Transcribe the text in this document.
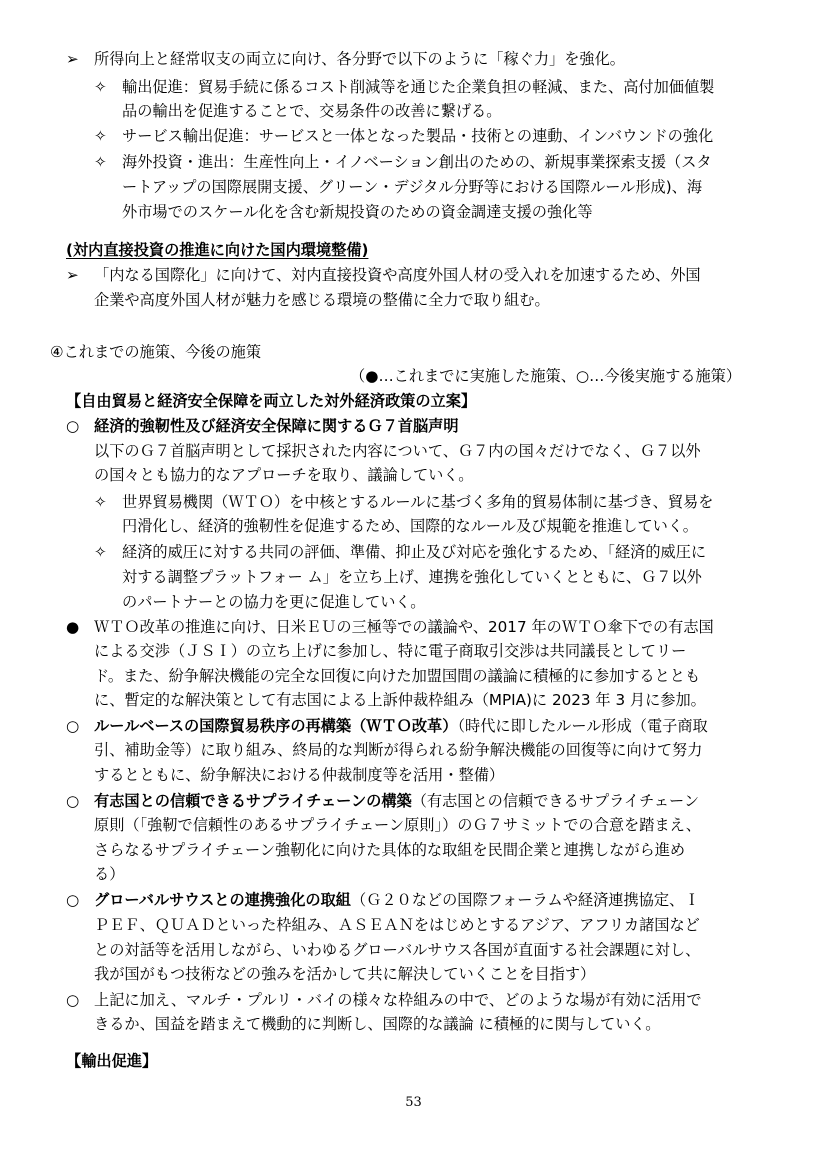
➢ 所得向上と経常収支の両立に向け、各分野で以下のように「稼ぐ力」を強化。
✧ 輸出促進：貿易手続に係るコスト削減等を通じた企業負担の軽減、また、高付加価値製
品の輸出を促進することで、交易条件の改善に繋げる。
✧ サービス輸出促進：サービスと一体となった製品・技術との連動、インバウンドの強化
✧ 海外投資・進出：生産性向上・イノベーション創出のための、新規事業探索支援（スタ
ートアップの国際展開支援、グリーン・デジタル分野等における国際ルール形成)、海
外市場でのスケール化を含む新規投資のための資金調達支援の強化等
(対内直接投資の推進に向けた国内環境整備)
➢ 「内なる国際化」に向けて、対内直接投資や高度外国人材の受入れを加速するため、外国
企業や高度外国人材が魅力を感じる環境の整備に全力で取り組む。
④これまでの施策、今後の施策
（●…これまでに実施した施策、○…今後実施する施策）
【自由貿易と経済安全保障を両立した対外経済政策の立案】
○ 経済的強靭性及び経済安全保障に関するＧ７首脳声明
以下のＧ７首脳声明として採択された内容について、Ｇ７内の国々だけでなく、Ｇ７以外
の国々とも協力的なアプローチを取り、議論していく。
✧ 世界貿易機関（ＷＴＯ）を中核とするルールに基づく多角的貿易体制に基づき、貿易を
円滑化し、経済的強靭性を促進するため、国際的なルール及び規範を推進していく。
✧ 経済的威圧に対する共同の評価、準備、抑止及び対応を強化するため、「経済的威圧に
対する調整プラットフォー ム」を立ち上げ、連携を強化していくとともに、Ｇ７以外
のパートナーとの協力を更に促進していく。
● ＷＴＯ改革の推進に向け、日米ＥＵの三極等での議論や、2017 年のＷＴＯ傘下での有志国
による交渉（ＪＳＩ）の立ち上げに参加し、特に電子商取引交渉は共同議長としてリー
ド。また、紛争解決機能の完全な回復に向けた加盟国間の議論に積極的に参加するととも
に、暫定的な解決策として有志国による上訴仲裁枠組み（MPIA)に 2023 年 3 月に参加。
○ ルールベースの国際貿易秩序の再構築（ＷＴＯ改革）（時代に即したルール形成（電子商取
引、補助金等）に取り組み、終局的な判断が得られる紛争解決機能の回復等に向けて努力
するとともに、紛争解決における仲裁制度等を活用・整備）
○ 有志国との信頼できるサプライチェーンの構築（有志国との信頼できるサプライチェーン
原則（「強靭で信頼性のあるサプライチェーン原則」）のＧ７サミットでの合意を踏まえ、
さらなるサプライチェーン強靭化に向けた具体的な取組を民間企業と連携しながら進め
る）
○ グローバルサウスとの連携強化の取組（Ｇ２０などの国際フォーラムや経済連携協定、Ｉ
ＰＥＦ、ＱＵＡＤといった枠組み、ＡＳＥＡＮをはじめとするアジア、アフリカ諸国など
との対話等を活用しながら、いわゆるグローバルサウス各国が直面する社会課題に対し、
我が国がもつ技術などの強みを活かして共に解決していくことを目指す）
○ 上記に加え、マルチ・プルリ・バイの様々な枠組みの中で、どのような場が有効に活用で
きるか、国益を踏まえて機動的に判断し、国際的な議論 に積極的に関与していく。
【輸出促進】
53
